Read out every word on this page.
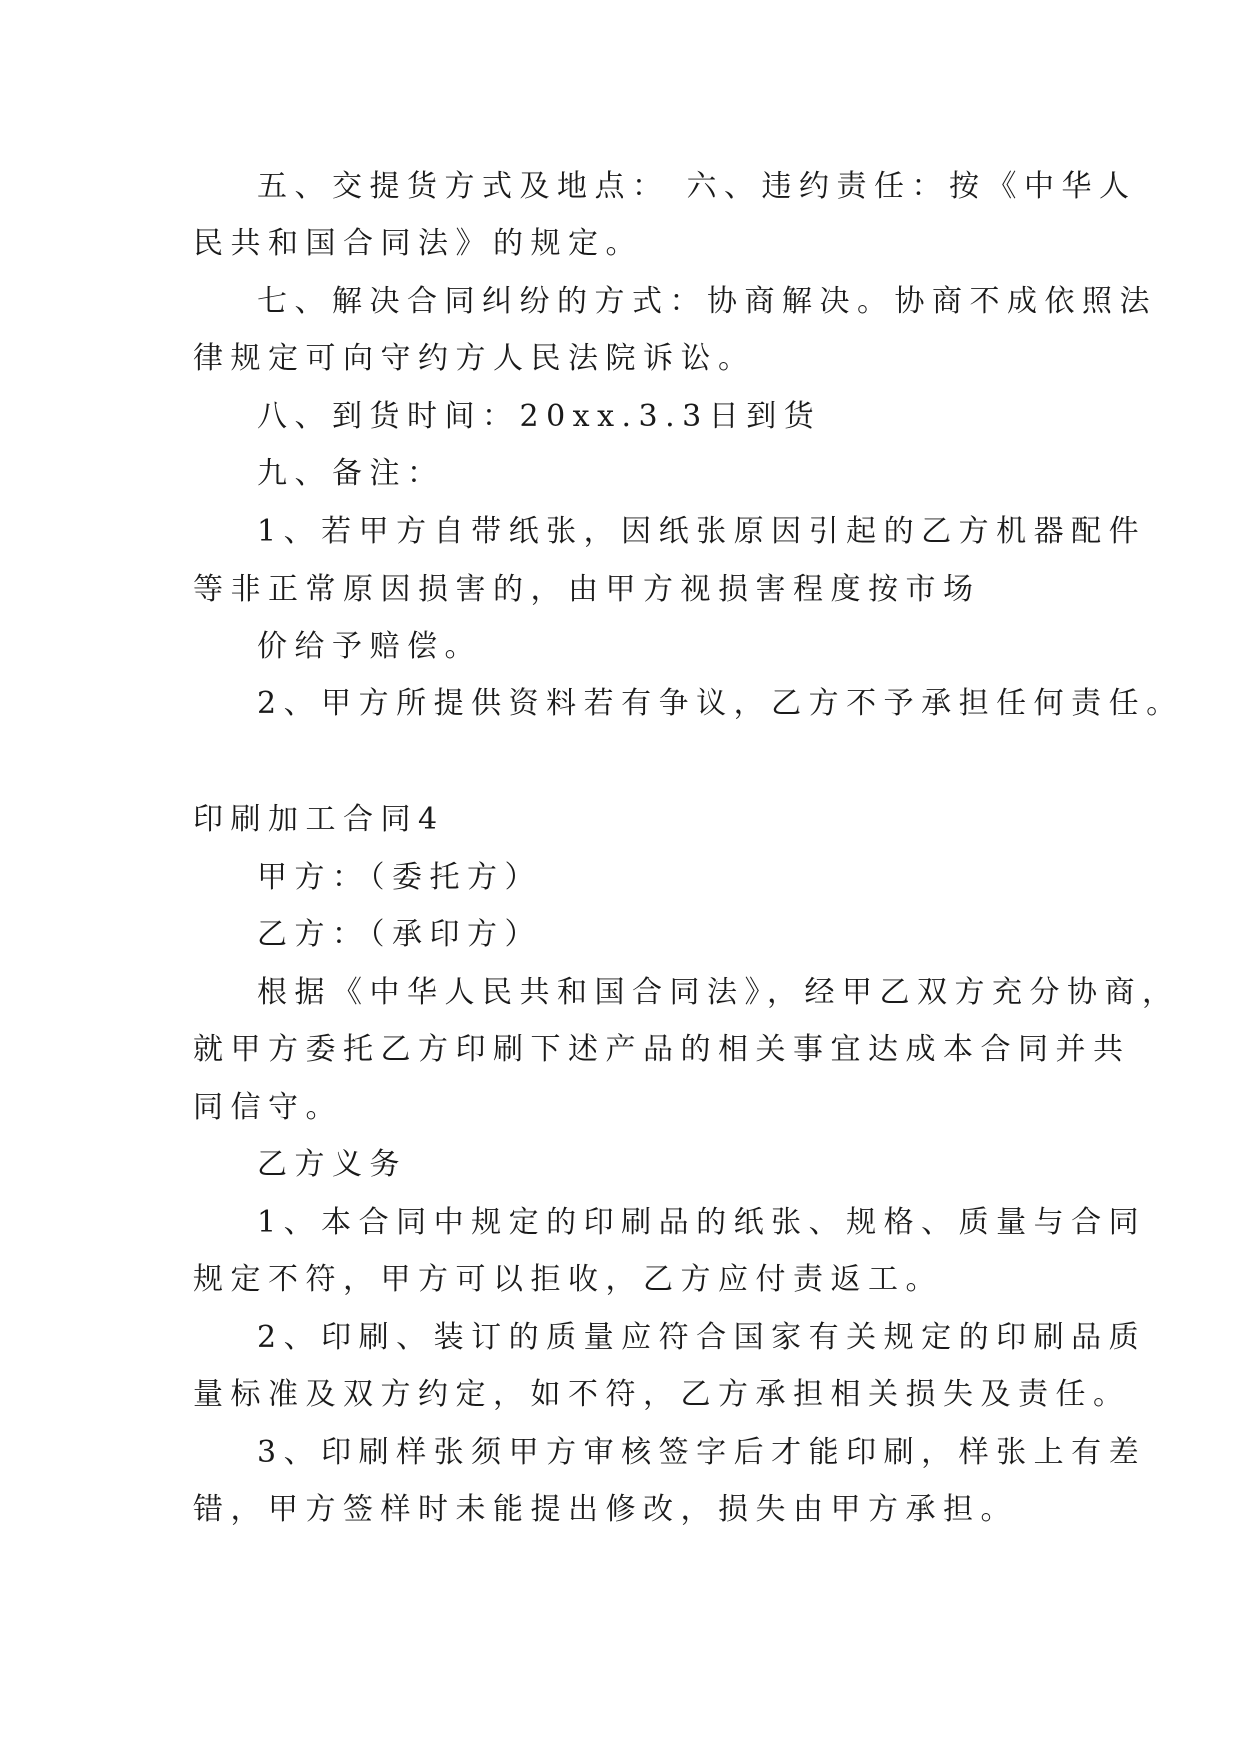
五、交提货方式及地点： 六、违约责任：按《中华人
民共和国合同法》的规定。
七、解决合同纠纷的方式：协商解决。协商不成依照法
律规定可向守约方人民法院诉讼。
八、到货时间：20xx.3.3日到货
九、备注：
1、若甲方自带纸张，因纸张原因引起的乙方机器配件
等非正常原因损害的，由甲方视损害程度按市场
价给予赔偿。
2、甲方所提供资料若有争议，乙方不予承担任何责任。
印刷加工合同4
甲方：（委托方）
乙方：（承印方）
根据《中华人民共和国合同法》，经甲乙双方充分协商，
就甲方委托乙方印刷下述产品的相关事宜达成本合同并共
同信守。
乙方义务
1、本合同中规定的印刷品的纸张、规格、质量与合同
规定不符，甲方可以拒收，乙方应付责返工。
2、印刷、装订的质量应符合国家有关规定的印刷品质
量标准及双方约定，如不符，乙方承担相关损失及责任。
3、印刷样张须甲方审核签字后才能印刷，样张上有差
错，甲方签样时未能提出修改，损失由甲方承担。
